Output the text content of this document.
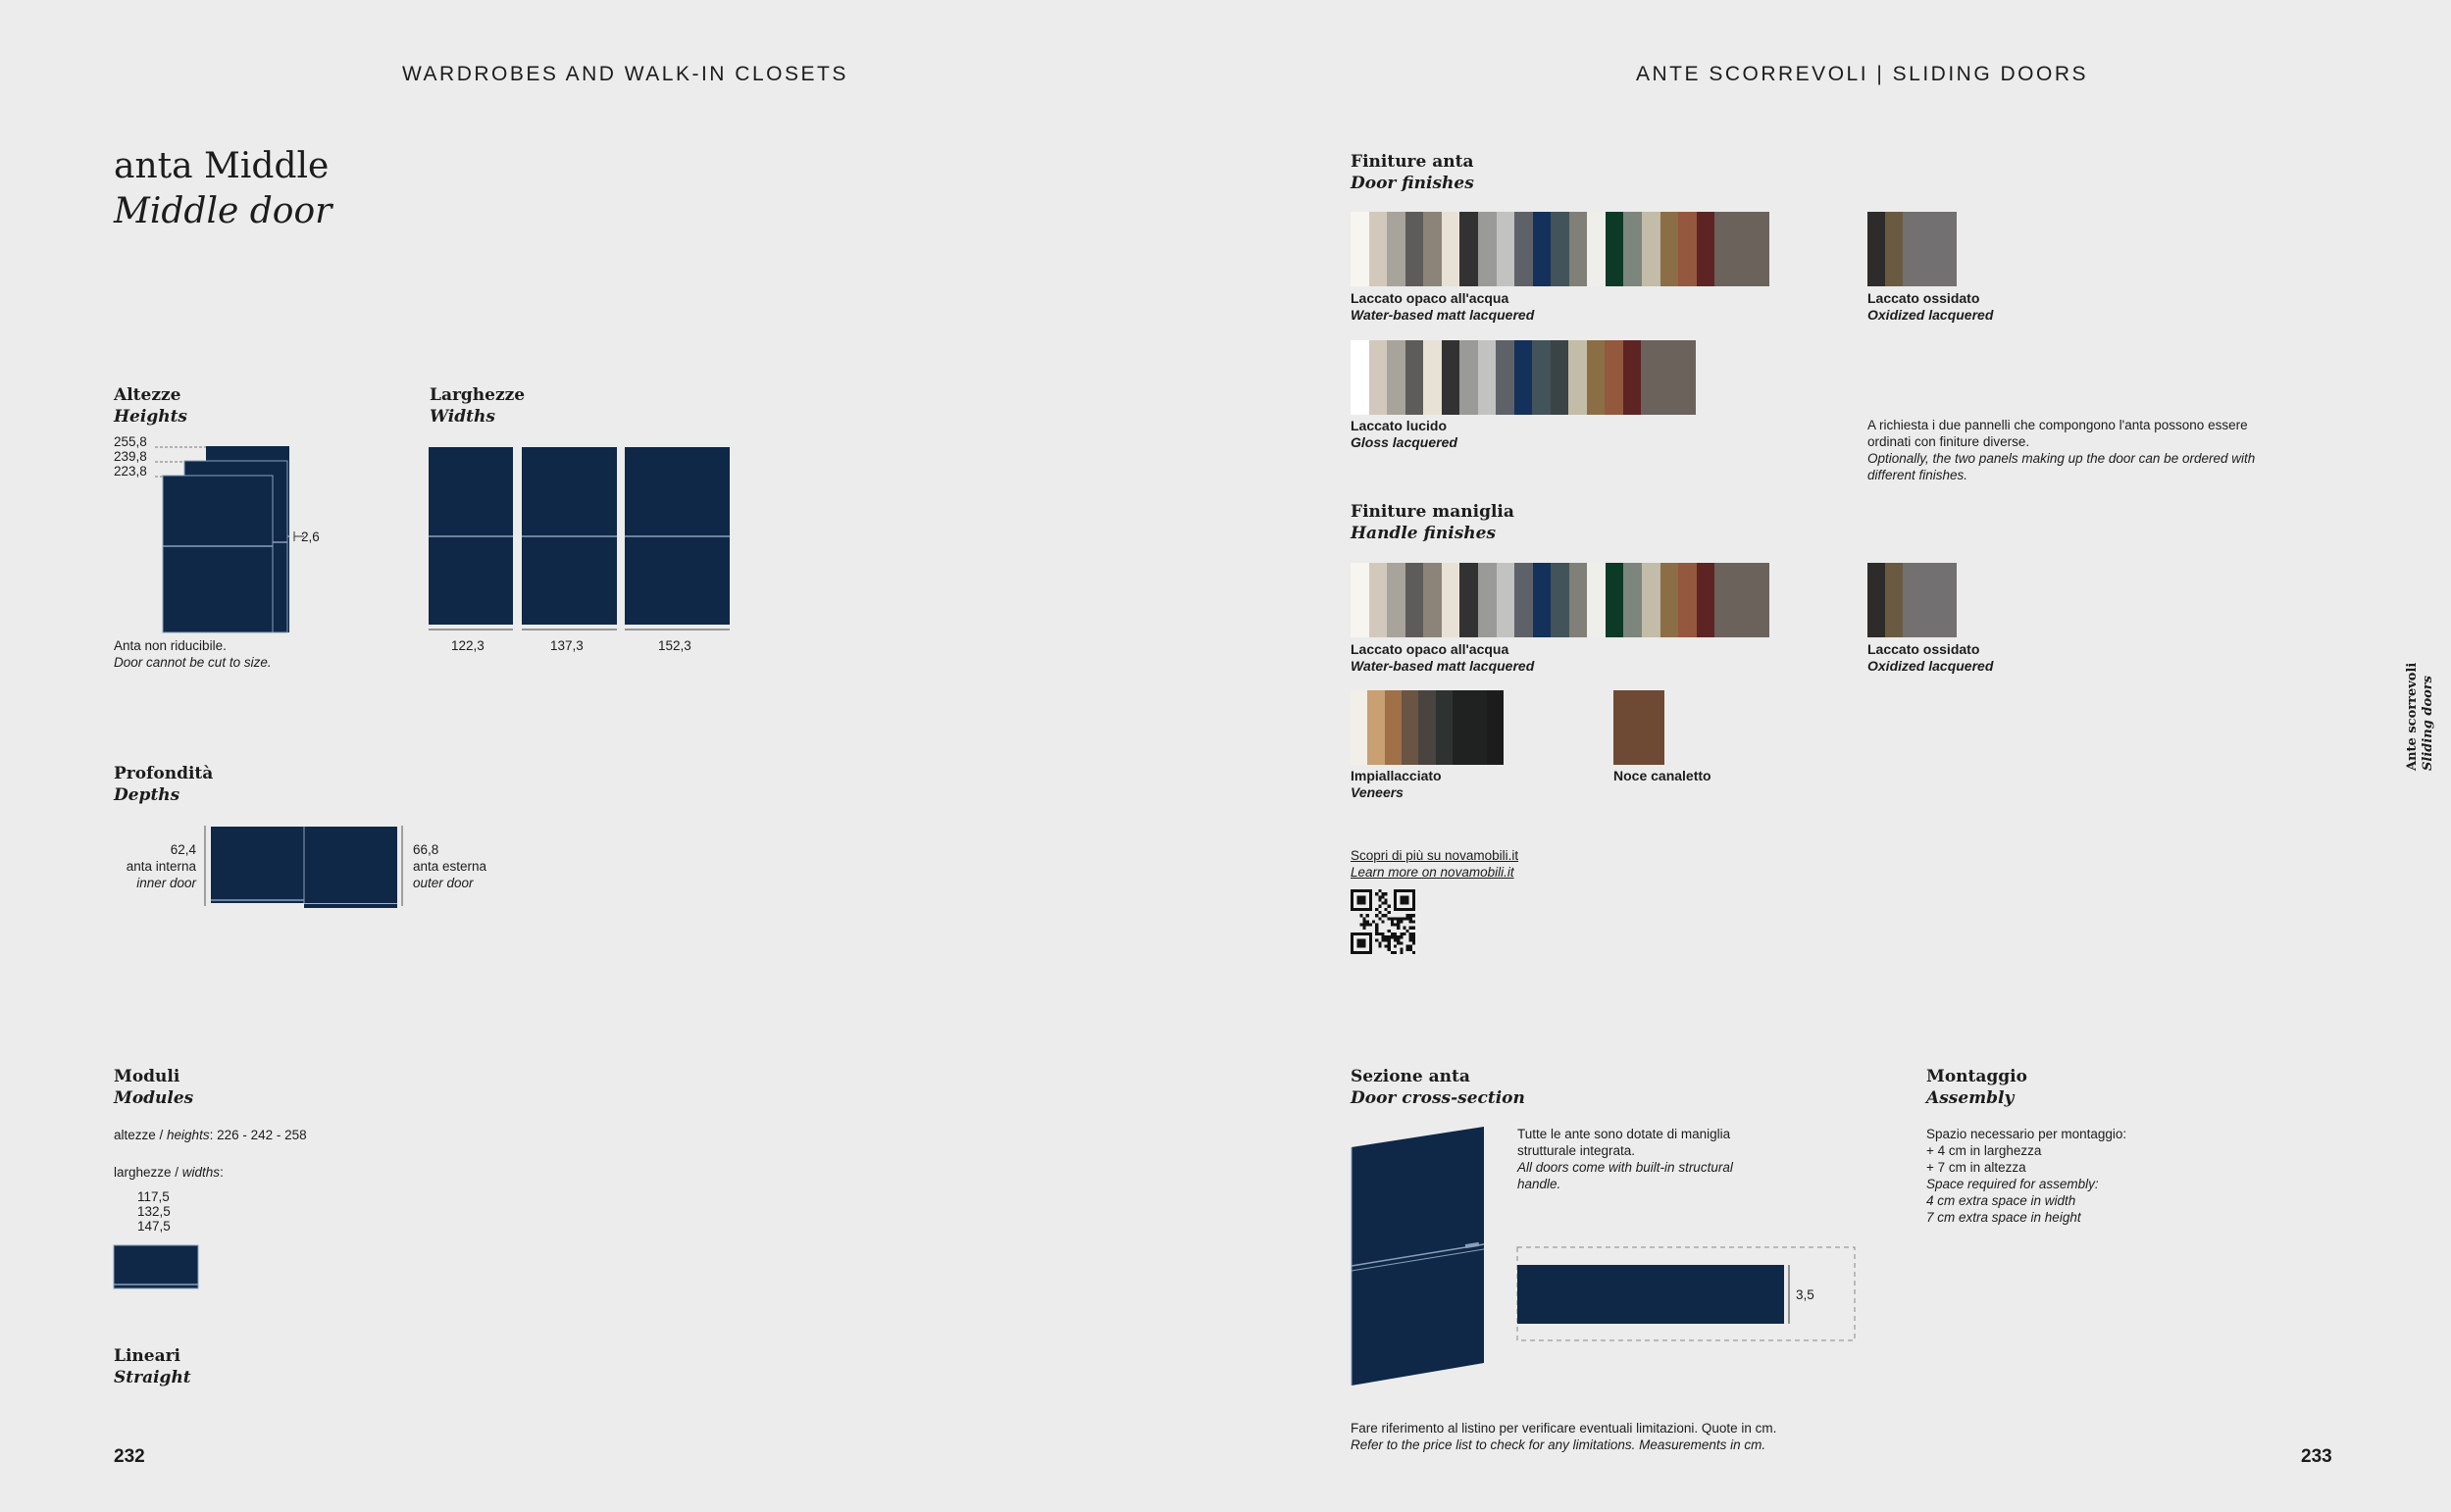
WARDROBES AND WALK-IN CLOSETS	ANTE SCORREVOLI | SLIDING DOORS
anta Middle
Middle door
Altezze
Heights
255,8
239,8
223,8
2,6
Anta non riducibile.
Door cannot be cut to size.
Larghezze
Widths
122,3	137,3	152,3
Profondità
Depths
62,4
anta interna
inner door
66,8
anta esterna
outer door
Moduli
Modules
altezze / heights: 226 - 242 - 258
larghezze / widths:
117,5
132,5
147,5
Lineari
Straight
232
Finiture anta
Door finishes
Laccato opaco all'acqua
Water-based matt lacquered
Laccato ossidato
Oxidized lacquered
Laccato lucido
Gloss lacquered
A richiesta i due pannelli che compongono l'anta possono essere ordinati con finiture diverse.
Optionally, the two panels making up the door can be ordered with different finishes.
Finiture maniglia
Handle finishes
Laccato opaco all'acqua
Water-based matt lacquered
Laccato ossidato
Oxidized lacquered
Impiallacciato
Veneers
Noce canaletto
Scopri di più su novamobili.it
Learn more on novamobili.it
Sezione anta
Door cross-section
Tutte le ante sono dotate di maniglia
strutturale integrata.
All doors come with built-in structural
handle.
3,5
Montaggio
Assembly
Spazio necessario per montaggio:
+ 4 cm in larghezza
+ 7 cm in altezza
Space required for assembly:
4 cm extra space in width
7 cm extra space in height
Fare riferimento al listino per verificare eventuali limitazioni. Quote in cm.
Refer to the price list to check for any limitations. Measurements in cm.
233
Ante scorrevoli Sliding doors
